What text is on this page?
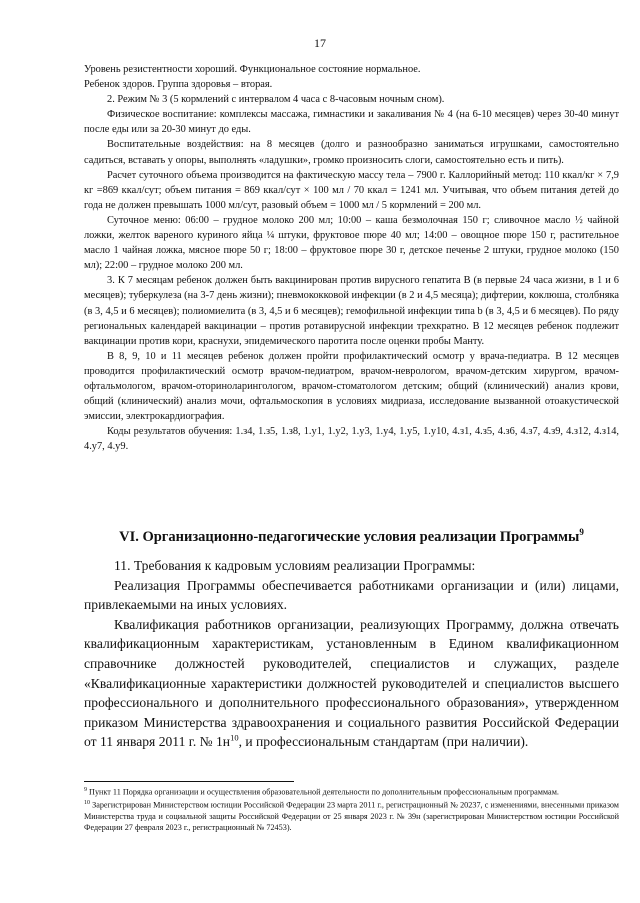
17

Уровень резистентности хороший. Функциональное состояние нормальное.

Ребенок здоров. Группа здоровья – вторая.

2. Режим № 3 (5 кормлений с интервалом 4 часа с 8-часовым ночным сном).

Физическое воспитание: комплексы массажа, гимнастики и закаливания № 4 (на 6-10 месяцев) через 30-40 минут после еды или за 20-30 минут до еды.

Воспитательные воздействия: на 8 месяцев (долго и разнообразно заниматься игрушками, самостоятельно садиться, вставать у опоры, выполнять «ладушки», громко произносить слоги, самостоятельно есть и пить).

Расчет суточного объема производится на фактическую массу тела – 7900 г. Каллорийный метод: 110 ккал/кг × 7,9 кг =869 ккал/сут; объем питания = 869 ккал/сут × 100 мл / 70 ккал = 1241 мл. Учитывая, что объем питания детей до года не должен превышать 1000 мл/сут, разовый объем = 1000 мл / 5 кормлений = 200 мл.

Суточное меню: 06:00 – грудное молоко 200 мл; 10:00 – каша безмолочная 150 г; сливочное масло ½ чайной ложки, желток вареного куриного яйца ¼ штуки, фруктовое пюре 40 мл; 14:00 – овощное пюре 150 г, растительное масло 1 чайная ложка, мясное пюре 50 г; 18:00 – фруктовое пюре 30 г, детское печенье 2 штуки, грудное молоко (150 мл); 22:00 – грудное молоко 200 мл.

3. К 7 месяцам ребенок должен быть вакцинирован против вирусного гепатита В (в первые 24 часа жизни, в 1 и 6 месяцев); туберкулеза (на 3-7 день жизни); пневмококковой инфекции (в 2 и 4,5 месяца); дифтерии, коклюша, столбняка (в 3, 4,5 и 6 месяцев); полиомиелита (в 3, 4,5 и 6 месяцев); гемофильной инфекции типа b (в 3, 4,5 и 6 месяцев). По ряду региональных календарей вакцинации – против ротавирусной инфекции трехкратно. В 12 месяцев ребенок подлежит вакцинации против кори, краснухи, эпидемического паротита после оценки пробы Манту.

В 8, 9, 10 и 11 месяцев ребенок должен пройти профилактический осмотр у врача-педиатра. В 12 месяцев проводится профилактический осмотр врачом-педиатром, врачом-неврологом, врачом-детским хирургом, врачом-офтальмологом, врачом-оториноларингологом, врачом-стоматологом детским; общий (клинический) анализ крови, общий (клинический) анализ мочи, офтальмоскопия в условиях мидриаза, исследование вызванной отоакустической эмиссии, электрокардиография.

Коды результатов обучения: 1.з4, 1.з5, 1.з8, 1.у1, 1.у2, 1.у3, 1.у4, 1.у5, 1.у10, 4.з1, 4.з5, 4.з6, 4.з7, 4.з9, 4.з12, 4.з14, 4.у7, 4.у9.

VI. Организационно-педагогические условия реализации Программы$^9$

11. Требования к кадровым условиям реализации Программы:

Реализация Программы обеспечивается работниками организации и (или) лицами, привлекаемыми на иных условиях.

Квалификация работников организации, реализующих Программу, должна отвечать квалификационным характеристикам, установленным в Едином квалификационном справочнике должностей руководителей, специалистов и служащих, разделе «Квалификационные характеристики должностей руководителей и специалистов высшего профессионального и дополнительного профессионального образования», утвержденном приказом Министерства здравоохранения и социального развития Российской Федерации от 11 января 2011 г. № $1н^{10}$, и профессиональным стандартам (при наличии).

$^9$ Пункт 11 Порядка организации и осуществления образовательной деятельности по дополнительным профессиональным программам.

$^{10}$ Зарегистрирован Министерством юстиции Российской Федерации 23 марта 2011 г., регистрационный № 20237, с изменениями, внесенными приказом Министерства труда и социальной защиты Российской Федерации от 25 января 2023 г. № 39н (зарегистрирован Министерством юстиции Российской Федерации 27 февраля 2023 г., регистрационный № 72453).
